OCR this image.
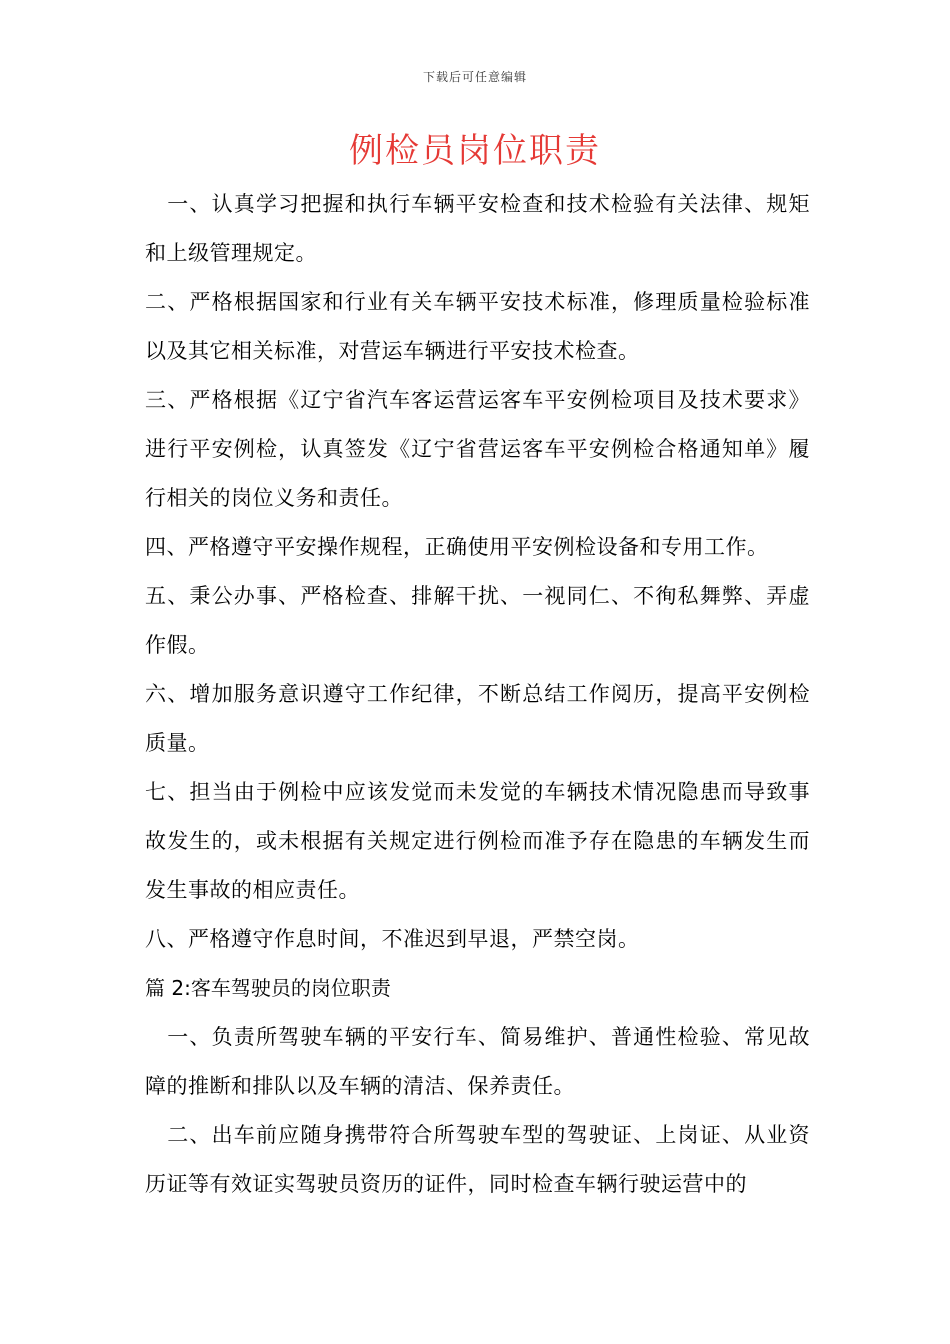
下载后可任意编辑
例检员岗位职责

　一、认真学习把握和执行车辆平安检查和技术检验有关法律、规矩和上级管理规定。

二、严格根据国家和行业有关车辆平安技术标准，修理质量检验标准以及其它相关标准，对营运车辆进行平安技术检查。

三、严格根据《辽宁省汽车客运营运客车平安例检项目及技术要求》进行平安例检，认真签发《辽宁省营运客车平安例检合格通知单》履行相关的岗位义务和责任。

四、严格遵守平安操作规程，正确使用平安例检设备和专用工作。

五、秉公办事、严格检查、排解干扰、一视同仁、不徇私舞弊、弄虚作假。

六、增加服务意识遵守工作纪律，不断总结工作阅历，提高平安例检质量。

七、担当由于例检中应该发觉而未发觉的车辆技术情况隐患而导致事故发生的，或未根据有关规定进行例检而准予存在隐患的车辆发生而发生事故的相应责任。

八、严格遵守作息时间，不准迟到早退，严禁空岗。

篇 2:客车驾驶员的岗位职责

　一、负责所驾驶车辆的平安行车、简易维护、普通性检验、常见故障的推断和排队以及车辆的清洁、保养责任。

　二、出车前应随身携带符合所驾驶车型的驾驶证、上岗证、从业资历证等有效证实驾驶员资历的证件，同时检查车辆行驶运营中的
